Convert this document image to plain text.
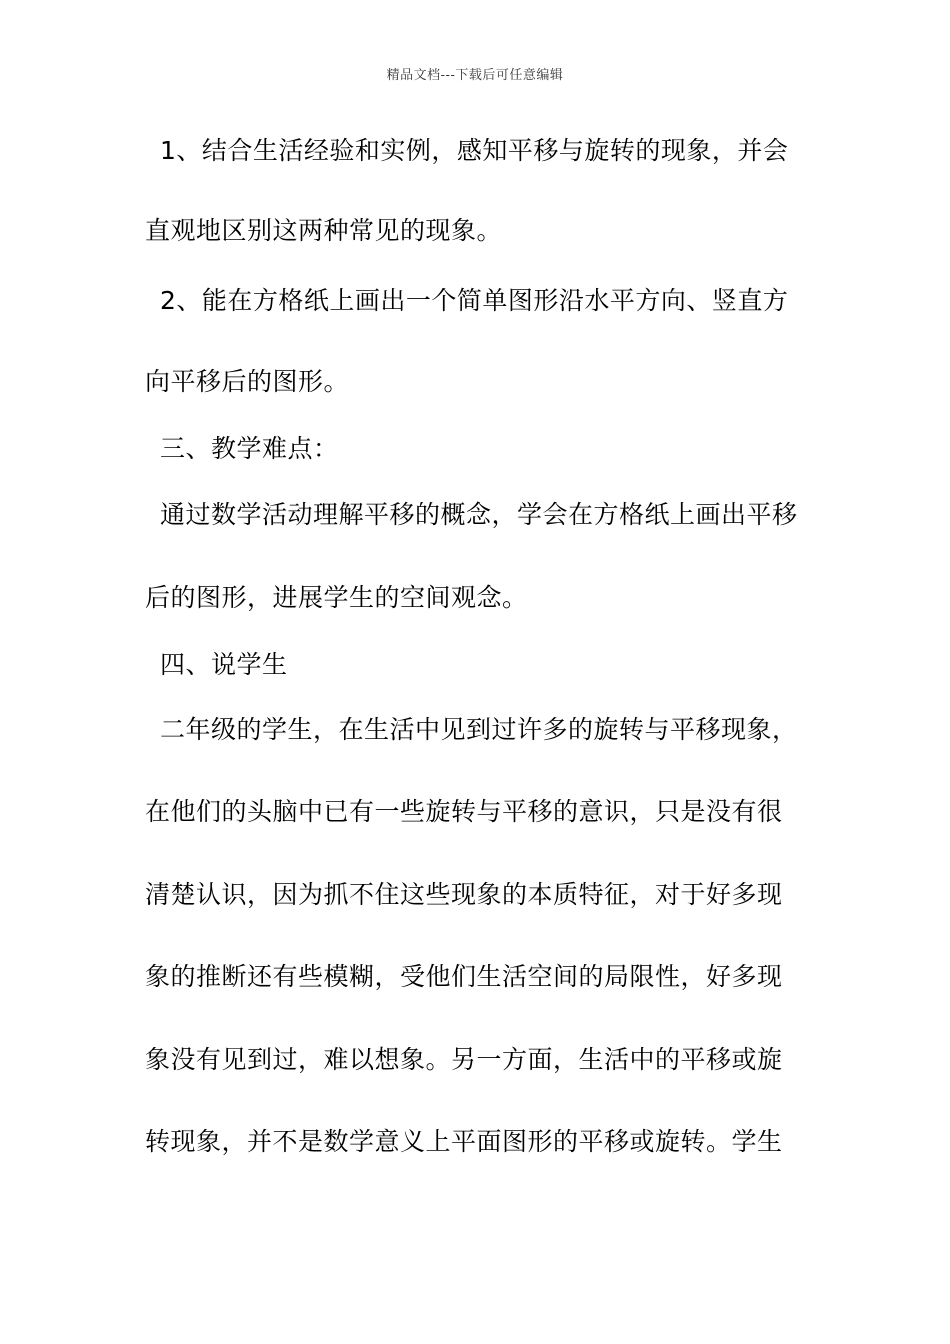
精品文档---下载后可任意编辑
1、结合生活经验和实例，感知平移与旋转的现象，并会
直观地区别这两种常见的现象。
2、能在方格纸上画出一个简单图形沿水平方向、竖直方
向平移后的图形。
三、教学难点：
通过数学活动理解平移的概念，学会在方格纸上画出平移
后的图形，进展学生的空间观念。
四、说学生
二年级的学生，在生活中见到过许多的旋转与平移现象，
在他们的头脑中已有一些旋转与平移的意识，只是没有很
清楚认识，因为抓不住这些现象的本质特征，对于好多现
象的推断还有些模糊，受他们生活空间的局限性，好多现
象没有见到过，难以想象。另一方面，生活中的平移或旋
转现象，并不是数学意义上平面图形的平移或旋转。学生
